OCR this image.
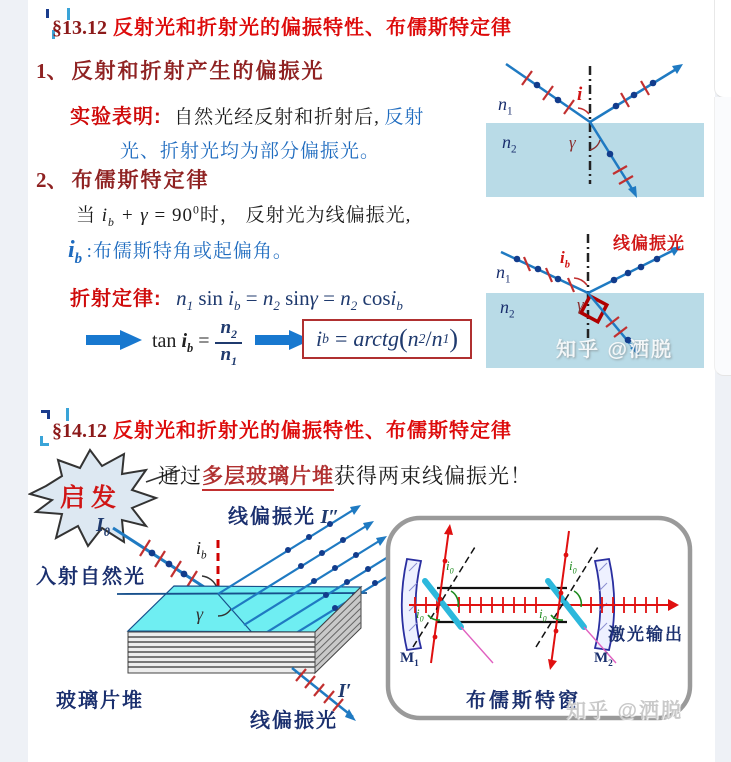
§13.12 反射光和折射光的偏振特性、布儒斯特定律
1、 反射和折射产生的偏振光
实验表明: 自然光经反射和折射后, 反射
光、折射光均为部分偏振光。
2、 布儒斯特定律
当 $i_b + \gamma = 90^0$时， 反射光为线偏振光,
$i_b$ :布儒斯特角或起偏角。
折射定律: $n_1$ $\sin i_b = n_2$ $\sin\gamma = n_2$ cosi$_b$
$\tan i_b = \frac{n_2}{n_1}$	i b = arctg ( n 2 / n 1 )
$n_1$
$n_2$
i
γ
线偏振光
$n_1$
$n_2$
$i_b$
γ
知乎 @洒脱
§14.12 反射光和折射光的偏振特性、布儒斯特定律
启发
通过多层玻璃片堆获得两束线偏振光！
线偏振光 I″
$I_0$
入射自然光
$i_b$
γ
玻璃片堆	I′
线偏振光
$i_0$
$i_0$
$i_0$
$i_0$
激光输出
$M_1$	$M_2$
布儒斯特窗
知乎 @洒脱
